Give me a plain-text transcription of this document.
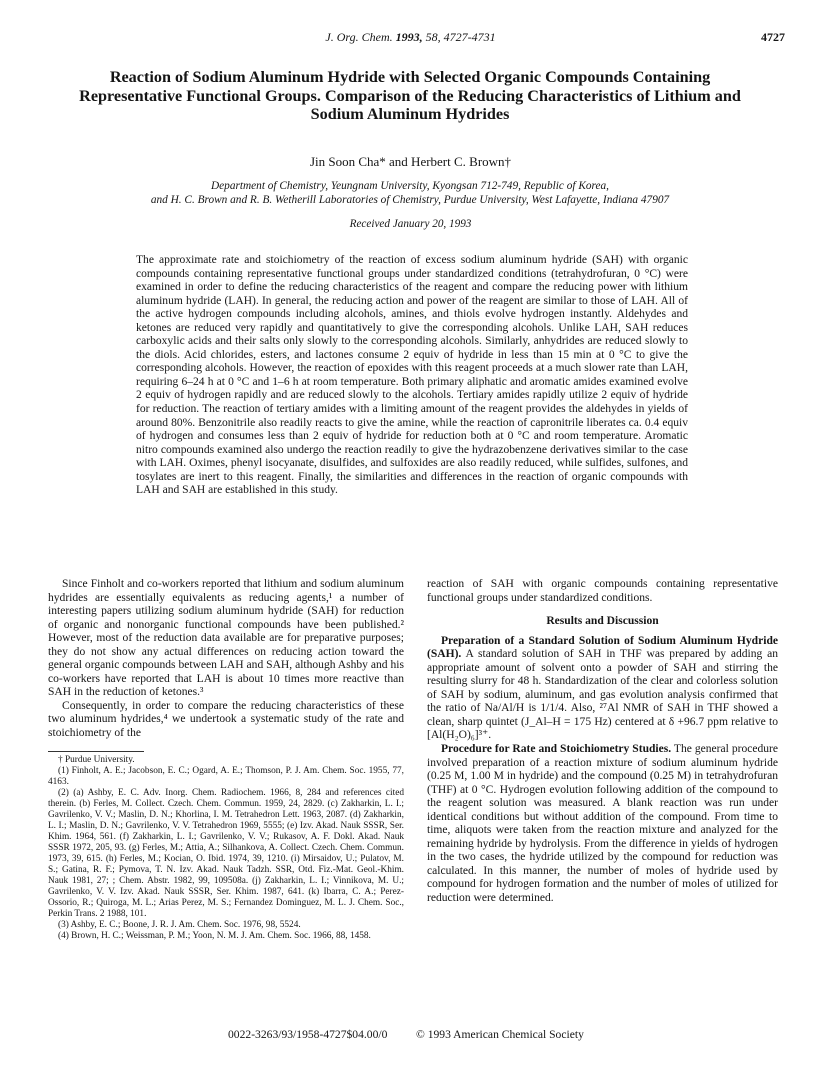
J. Org. Chem. 1993, 58, 4727-4731	4727
Reaction of Sodium Aluminum Hydride with Selected Organic Compounds Containing Representative Functional Groups. Comparison of the Reducing Characteristics of Lithium and Sodium Aluminum Hydrides
Jin Soon Cha* and Herbert C. Brown†
Department of Chemistry, Yeungnam University, Kyongsan 712-749, Republic of Korea,
and H. C. Brown and R. B. Wetherill Laboratories of Chemistry, Purdue University, West Lafayette, Indiana 47907
Received January 20, 1993

The approximate rate and stoichiometry of the reaction of excess sodium aluminum hydride (SAH) with organic compounds containing representative functional groups under standardized conditions (tetrahydrofuran, 0 °C) were examined in order to define the reducing characteristics of the reagent and compare the reducing power with lithium aluminum hydride (LAH). In general, the reducing action and power of the reagent are similar to those of LAH. All of the active hydrogen compounds including alcohols, amines, and thiols evolve hydrogen instantly. Aldehydes and ketones are reduced very rapidly and quantitatively to give the corresponding alcohols. Unlike LAH, SAH reduces carboxylic acids and their salts only slowly to the corresponding alcohols. Similarly, anhydrides are reduced slowly to the diols. Acid chlorides, esters, and lactones consume 2 equiv of hydride in less than 15 min at 0 °C to give the corresponding alcohols. However, the reaction of epoxides with this reagent proceeds at a much slower rate than LAH, requiring 6–24 h at 0 °C and 1–6 h at room temperature. Both primary aliphatic and aromatic amides examined evolve 2 equiv of hydrogen rapidly and are reduced slowly to the alcohols. Tertiary amides rapidly utilize 2 equiv of hydride for reduction. The reaction of tertiary amides with a limiting amount of the reagent provides the aldehydes in yields of around 80%. Benzonitrile also readily reacts to give the amine, while the reaction of capronitrile liberates ca. 0.4 equiv of hydrogen and consumes less than 2 equiv of hydride for reduction both at 0 °C and room temperature. Aromatic nitro compounds examined also undergo the reaction readily to give the hydrazobenzene derivatives similar to the case with LAH. Oximes, phenyl isocyanate, disulfides, and sulfoxides are also readily reduced, while sulfides, sulfones, and tosylates are inert to this reagent. Finally, the similarities and differences in the reaction of organic compounds with LAH and SAH are established in this study.

Since Finholt and co-workers reported that lithium and sodium aluminum hydrides are essentially equivalents as reducing agents,¹ a number of interesting papers utilizing sodium aluminum hydride (SAH) for reduction of organic and nonorganic functional compounds have been published.² However, most of the reduction data available are for preparative purposes; they do not show any actual differences on reducing action toward the general organic compounds between LAH and SAH, although Ashby and his co-workers have reported that LAH is about 10 times more reactive than SAH in the reduction of ketones.³

Consequently, in order to compare the reducing characteristics of these two aluminum hydrides,⁴ we undertook a systematic study of the rate and stoichiometry of the

† Purdue University.
(1) Finholt, A. E.; Jacobson, E. C.; Ogard, A. E.; Thomson, P. J. Am. Chem. Soc. 1955, 77, 4163.
(2) (a) Ashby, E. C. Adv. Inorg. Chem. Radiochem. 1966, 8, 284 and references cited therein. (b) Ferles, M. Collect. Czech. Chem. Commun. 1959, 24, 2829. (c) Zakharkin, L. I.; Gavrilenko, V. V.; Maslin, D. N.; Khorlina, I. M. Tetrahedron Lett. 1963, 2087. (d) Zakharkin, L. I.; Maslin, D. N.; Gavrilenko, V. V. Tetrahedron 1969, 5555; (e) Izv. Akad. Nauk SSSR, Ser. Khim. 1964, 561. (f) Zakharkin, L. I.; Gavrilenko, V. V.; Rukasov, A. F. Dokl. Akad. Nauk SSSR 1972, 205, 93. (g) Ferles, M.; Attia, A.; Silhankova, A. Collect. Czech. Chem. Commun. 1973, 39, 615. (h) Ferles, M.; Kocian, O. Ibid. 1974, 39, 1210. (i) Mirsaidov, U.; Pulatov, M. S.; Gatina, R. F.; Pymova, T. N. Izv. Akad. Nauk Tadzh. SSR, Otd. Fiz.-Mat. Geol.-Khim. Nauk 1981, 27; ; Chem. Abstr. 1982, 99, 109508a. (j) Zakharkin, L. I.; Vinnikova, M. U.; Gavrilenko, V. V. Izv. Akad. Nauk SSSR, Ser. Khim. 1987, 641. (k) Ibarra, C. A.; Perez-Ossorio, R.; Quiroga, M. L.; Arias Perez, M. S.; Fernandez Dominguez, M. L. J. Chem. Soc., Perkin Trans. 2 1988, 101.
(3) Ashby, E. C.; Boone, J. R. J. Am. Chem. Soc. 1976, 98, 5524.
(4) Brown, H. C.; Weissman, P. M.; Yoon, N. M. J. Am. Chem. Soc. 1966, 88, 1458.

reaction of SAH with organic compounds containing representative functional groups under standardized conditions.

Results and Discussion

Preparation of a Standard Solution of Sodium Aluminum Hydride (SAH). A standard solution of SAH in THF was prepared by adding an appropriate amount of solvent onto a powder of SAH and stirring the resulting slurry for 48 h. Standardization of the clear and colorless solution of SAH by sodium, aluminum, and gas evolution analysis confirmed that the ratio of Na/Al/H is 1/1/4. Also, ²⁷Al NMR of SAH in THF showed a clean, sharp quintet (J_Al–H = 175 Hz) centered at δ +96.7 ppm relative to [Al(H₂O)₆]³⁺.

Procedure for Rate and Stoichiometry Studies. The general procedure involved preparation of a reaction mixture of sodium aluminum hydride (0.25 M, 1.00 M in hydride) and the compound (0.25 M) in tetrahydrofuran (THF) at 0 °C. Hydrogen evolution following addition of the compound to the reagent solution was measured. A blank reaction was run under identical conditions but without addition of the compound. From time to time, aliquots were taken from the reaction mixture and analyzed for the remaining hydride by hydrolysis. From the difference in yields of hydrogen in the two cases, the hydride utilized by the compound for reduction was calculated. In this manner, the number of moles of hydride used by compound for hydrogen formation and the number of moles of utilized for reduction were determined.

0022-3263/93/1958-4727$04.00/0 © 1993 American Chemical Society
